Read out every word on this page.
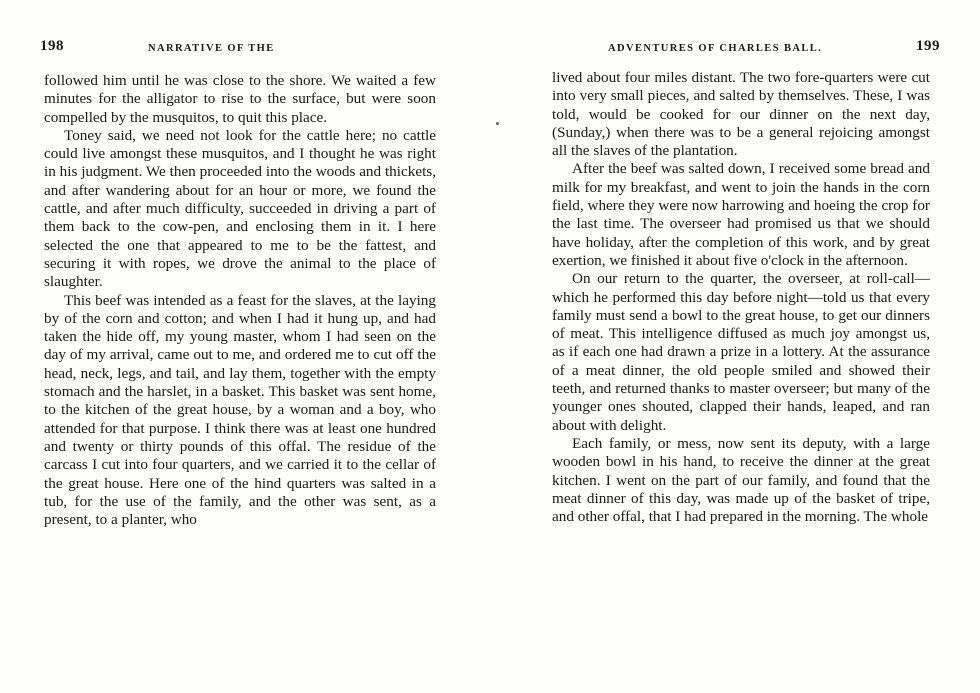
198	NARRATIVE OF THE

followed him until he was close to the shore. We waited a few minutes for the alligator to rise to the surface, but were soon compelled by the musquitos, to quit this place.

Toney said, we need not look for the cattle here; no cattle could live amongst these musquitos, and I thought he was right in his judgment. We then proceeded into the woods and thickets, and after wandering about for an hour or more, we found the cattle, and after much difficulty, succeeded in driving a part of them back to the cow-pen, and enclosing them in it. I here selected the one that appeared to me to be the fattest, and securing it with ropes, we drove the animal to the place of slaughter.

This beef was intended as a feast for the slaves, at the laying by of the corn and cotton; and when I had it hung up, and had taken the hide off, my young master, whom I had seen on the day of my arrival, came out to me, and ordered me to cut off the head, neck, legs, and tail, and lay them, together with the empty stomach and the harslet, in a basket. This basket was sent home, to the kitchen of the great house, by a woman and a boy, who attended for that purpose. I think there was at least one hundred and twenty or thirty pounds of this offal. The residue of the carcass I cut into four quarters, and we carried it to the cellar of the great house. Here one of the hind quarters was salted in a tub, for the use of the family, and the other was sent, as a present, to a planter, who

ADVENTURES OF CHARLES BALL.	199

lived about four miles distant. The two fore-quarters were cut into very small pieces, and salted by themselves. These, I was told, would be cooked for our dinner on the next day, (Sunday,) when there was to be a general rejoicing amongst all the slaves of the plantation.

After the beef was salted down, I received some bread and milk for my breakfast, and went to join the hands in the corn field, where they were now harrowing and hoeing the crop for the last time. The overseer had promised us that we should have holiday, after the completion of this work, and by great exertion, we finished it about five o'clock in the afternoon.

On our return to the quarter, the overseer, at roll-call—which he performed this day before night—told us that every family must send a bowl to the great house, to get our dinners of meat. This intelligence diffused as much joy amongst us, as if each one had drawn a prize in a lottery. At the assurance of a meat dinner, the old people smiled and showed their teeth, and returned thanks to master overseer; but many of the younger ones shouted, clapped their hands, leaped, and ran about with delight.

Each family, or mess, now sent its deputy, with a large wooden bowl in his hand, to receive the dinner at the great kitchen. I went on the part of our family, and found that the meat dinner of this day, was made up of the basket of tripe, and other offal, that I had prepared in the morning. The whole
